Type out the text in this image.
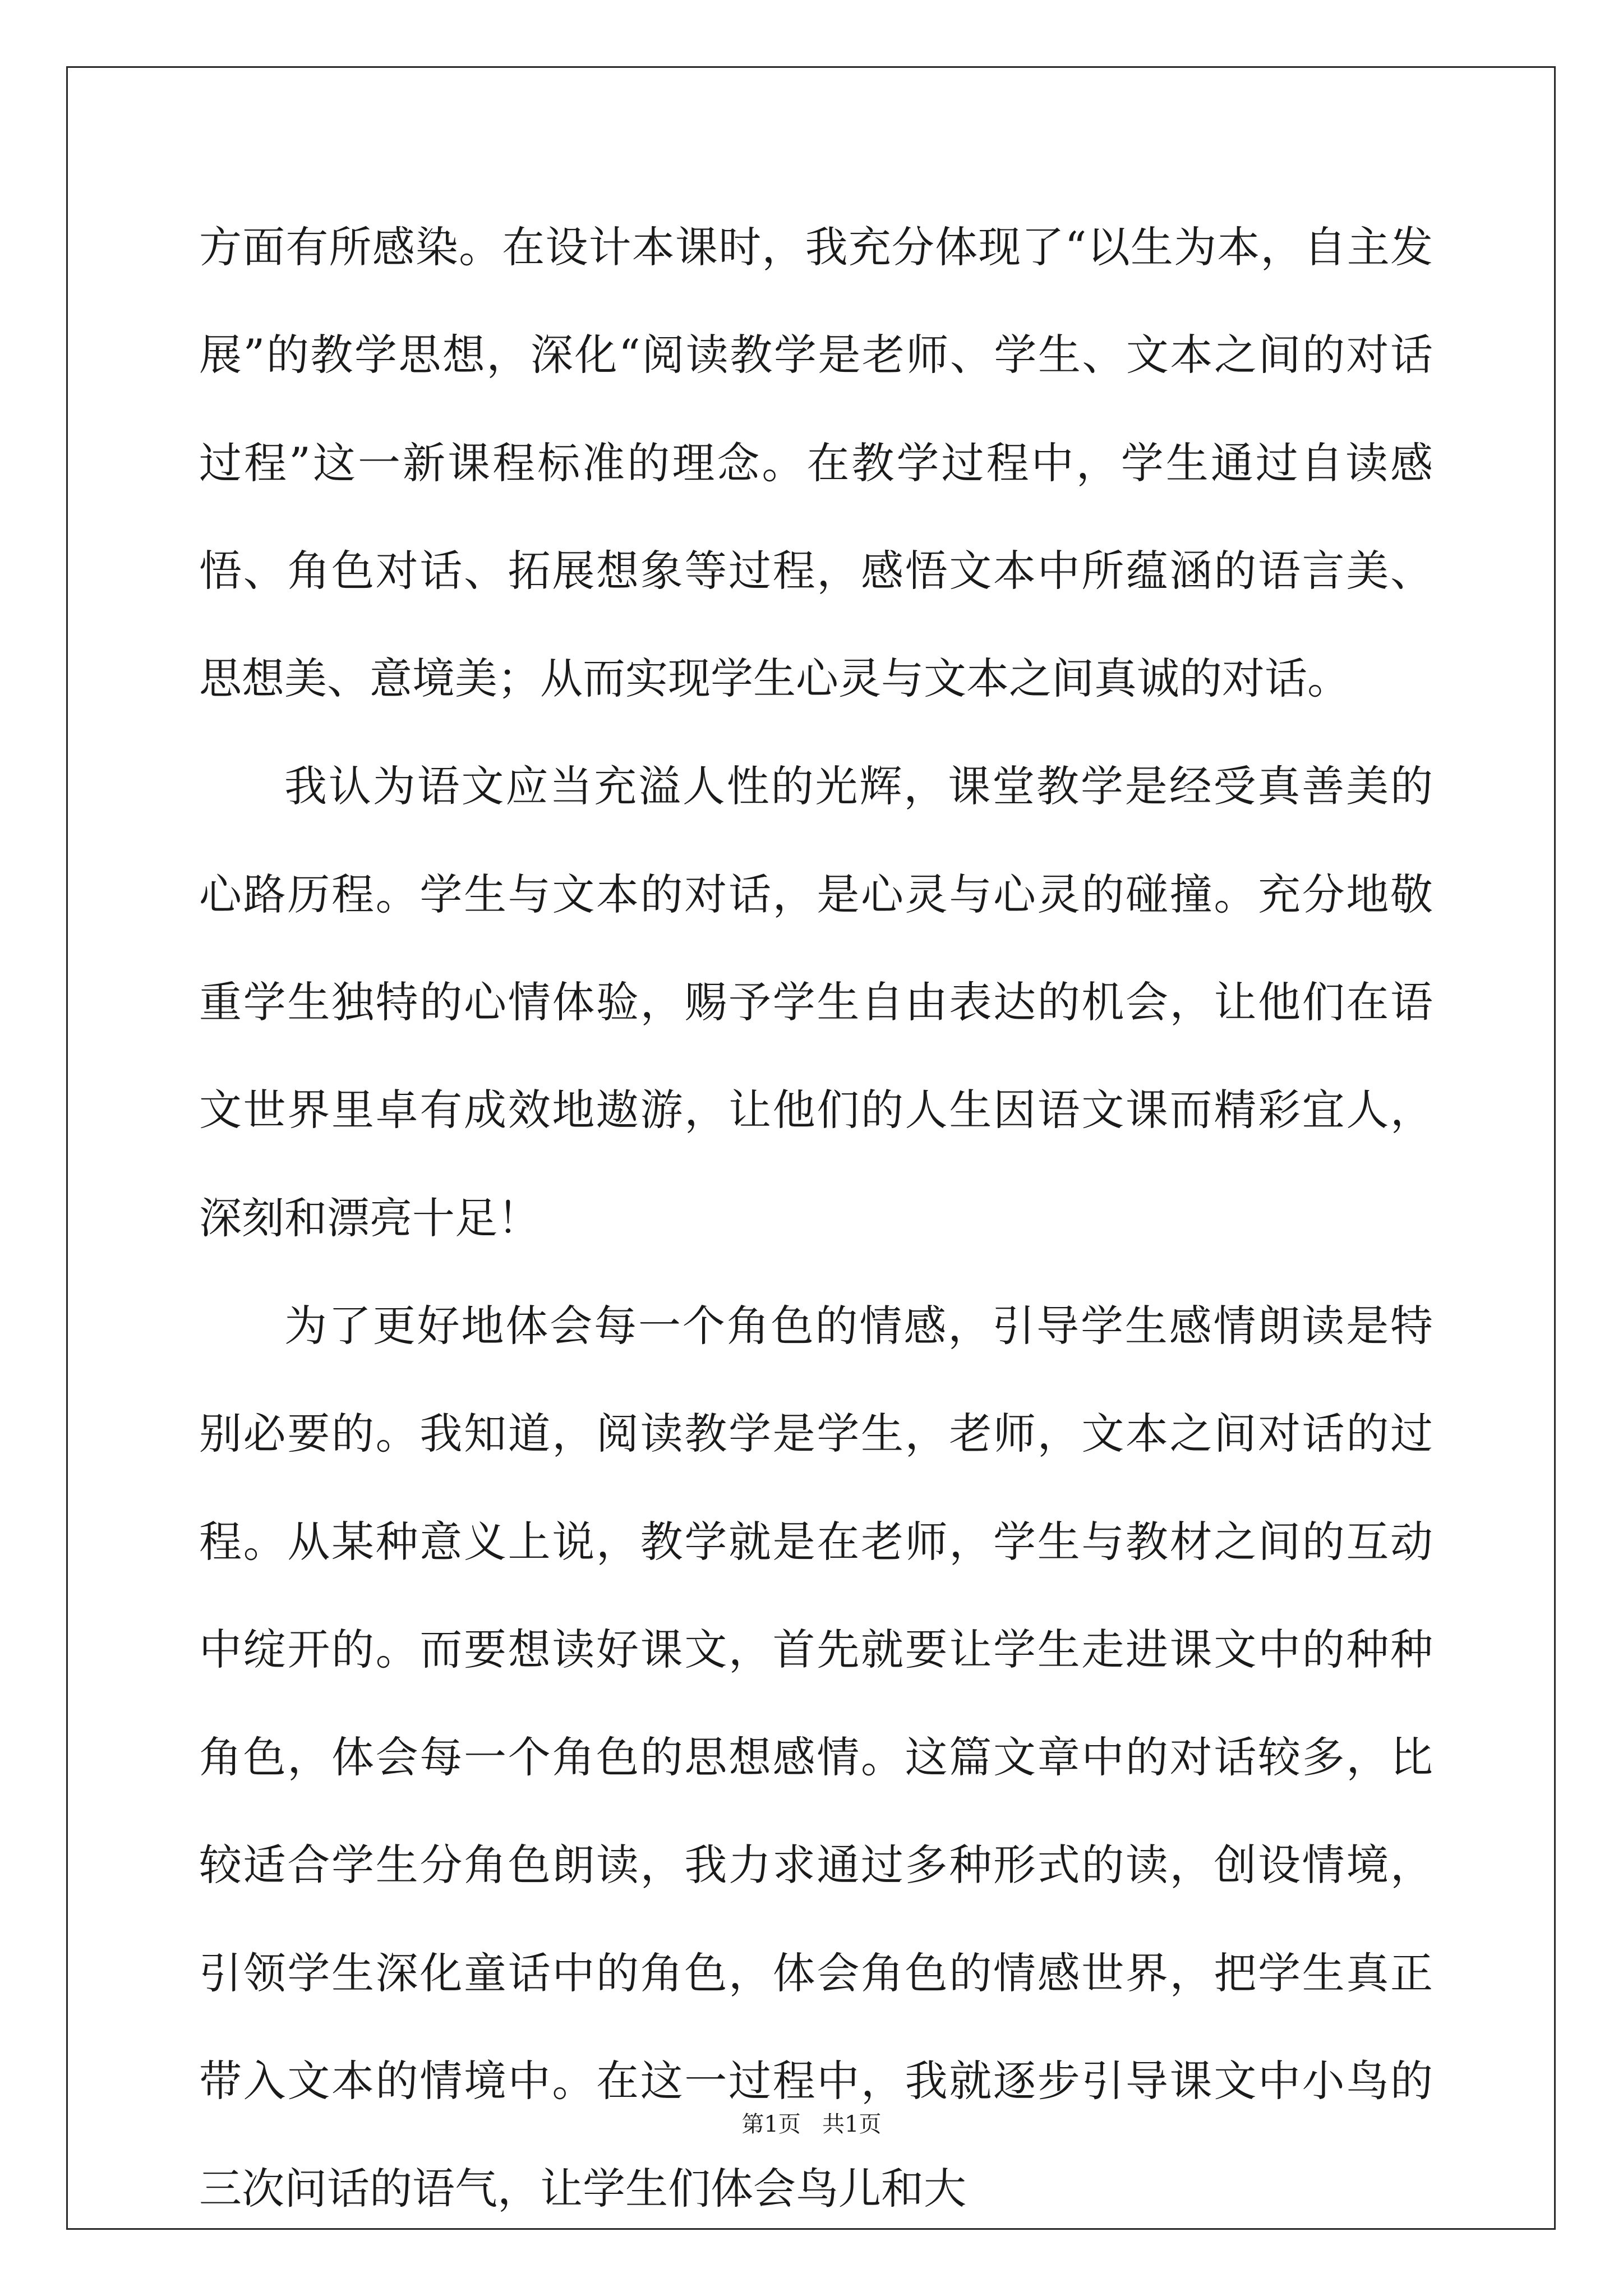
方面有所感染。在设计本课时，我充分体现了“以生为本，自主发展”的教学思想，深化“阅读教学是老师、学生、文本之间的对话过程”这一新课程标准的理念。在教学过程中，学生通过自读感悟、角色对话、拓展想象等过程，感悟文本中所蕴涵的语言美、思想美、意境美；从而实现学生心灵与文本之间真诚的对话。

我认为语文应当充溢人性的光辉，课堂教学是经受真善美的心路历程。学生与文本的对话，是心灵与心灵的碰撞。充分地敬重学生独特的心情体验，赐予学生自由表达的机会，让他们在语文世界里卓有成效地遨游，让他们的人生因语文课而精彩宜人，深刻和漂亮十足！

为了更好地体会每一个角色的情感，引导学生感情朗读是特别必要的。我知道，阅读教学是学生，老师，文本之间对话的过程。从某种意义上说，教学就是在老师，学生与教材之间的互动中绽开的。而要想读好课文，首先就要让学生走进课文中的种种角色，体会每一个角色的思想感情。这篇文章中的对话较多，比较适合学生分角色朗读，我力求通过多种形式的读，创设情境，引领学生深化童话中的角色，体会角色的情感世界，把学生真正带入文本的情境中。在这一过程中，我就逐步引导课文中小鸟的三次问话的语气，让学生们体会鸟儿和大

第1页   共1页
